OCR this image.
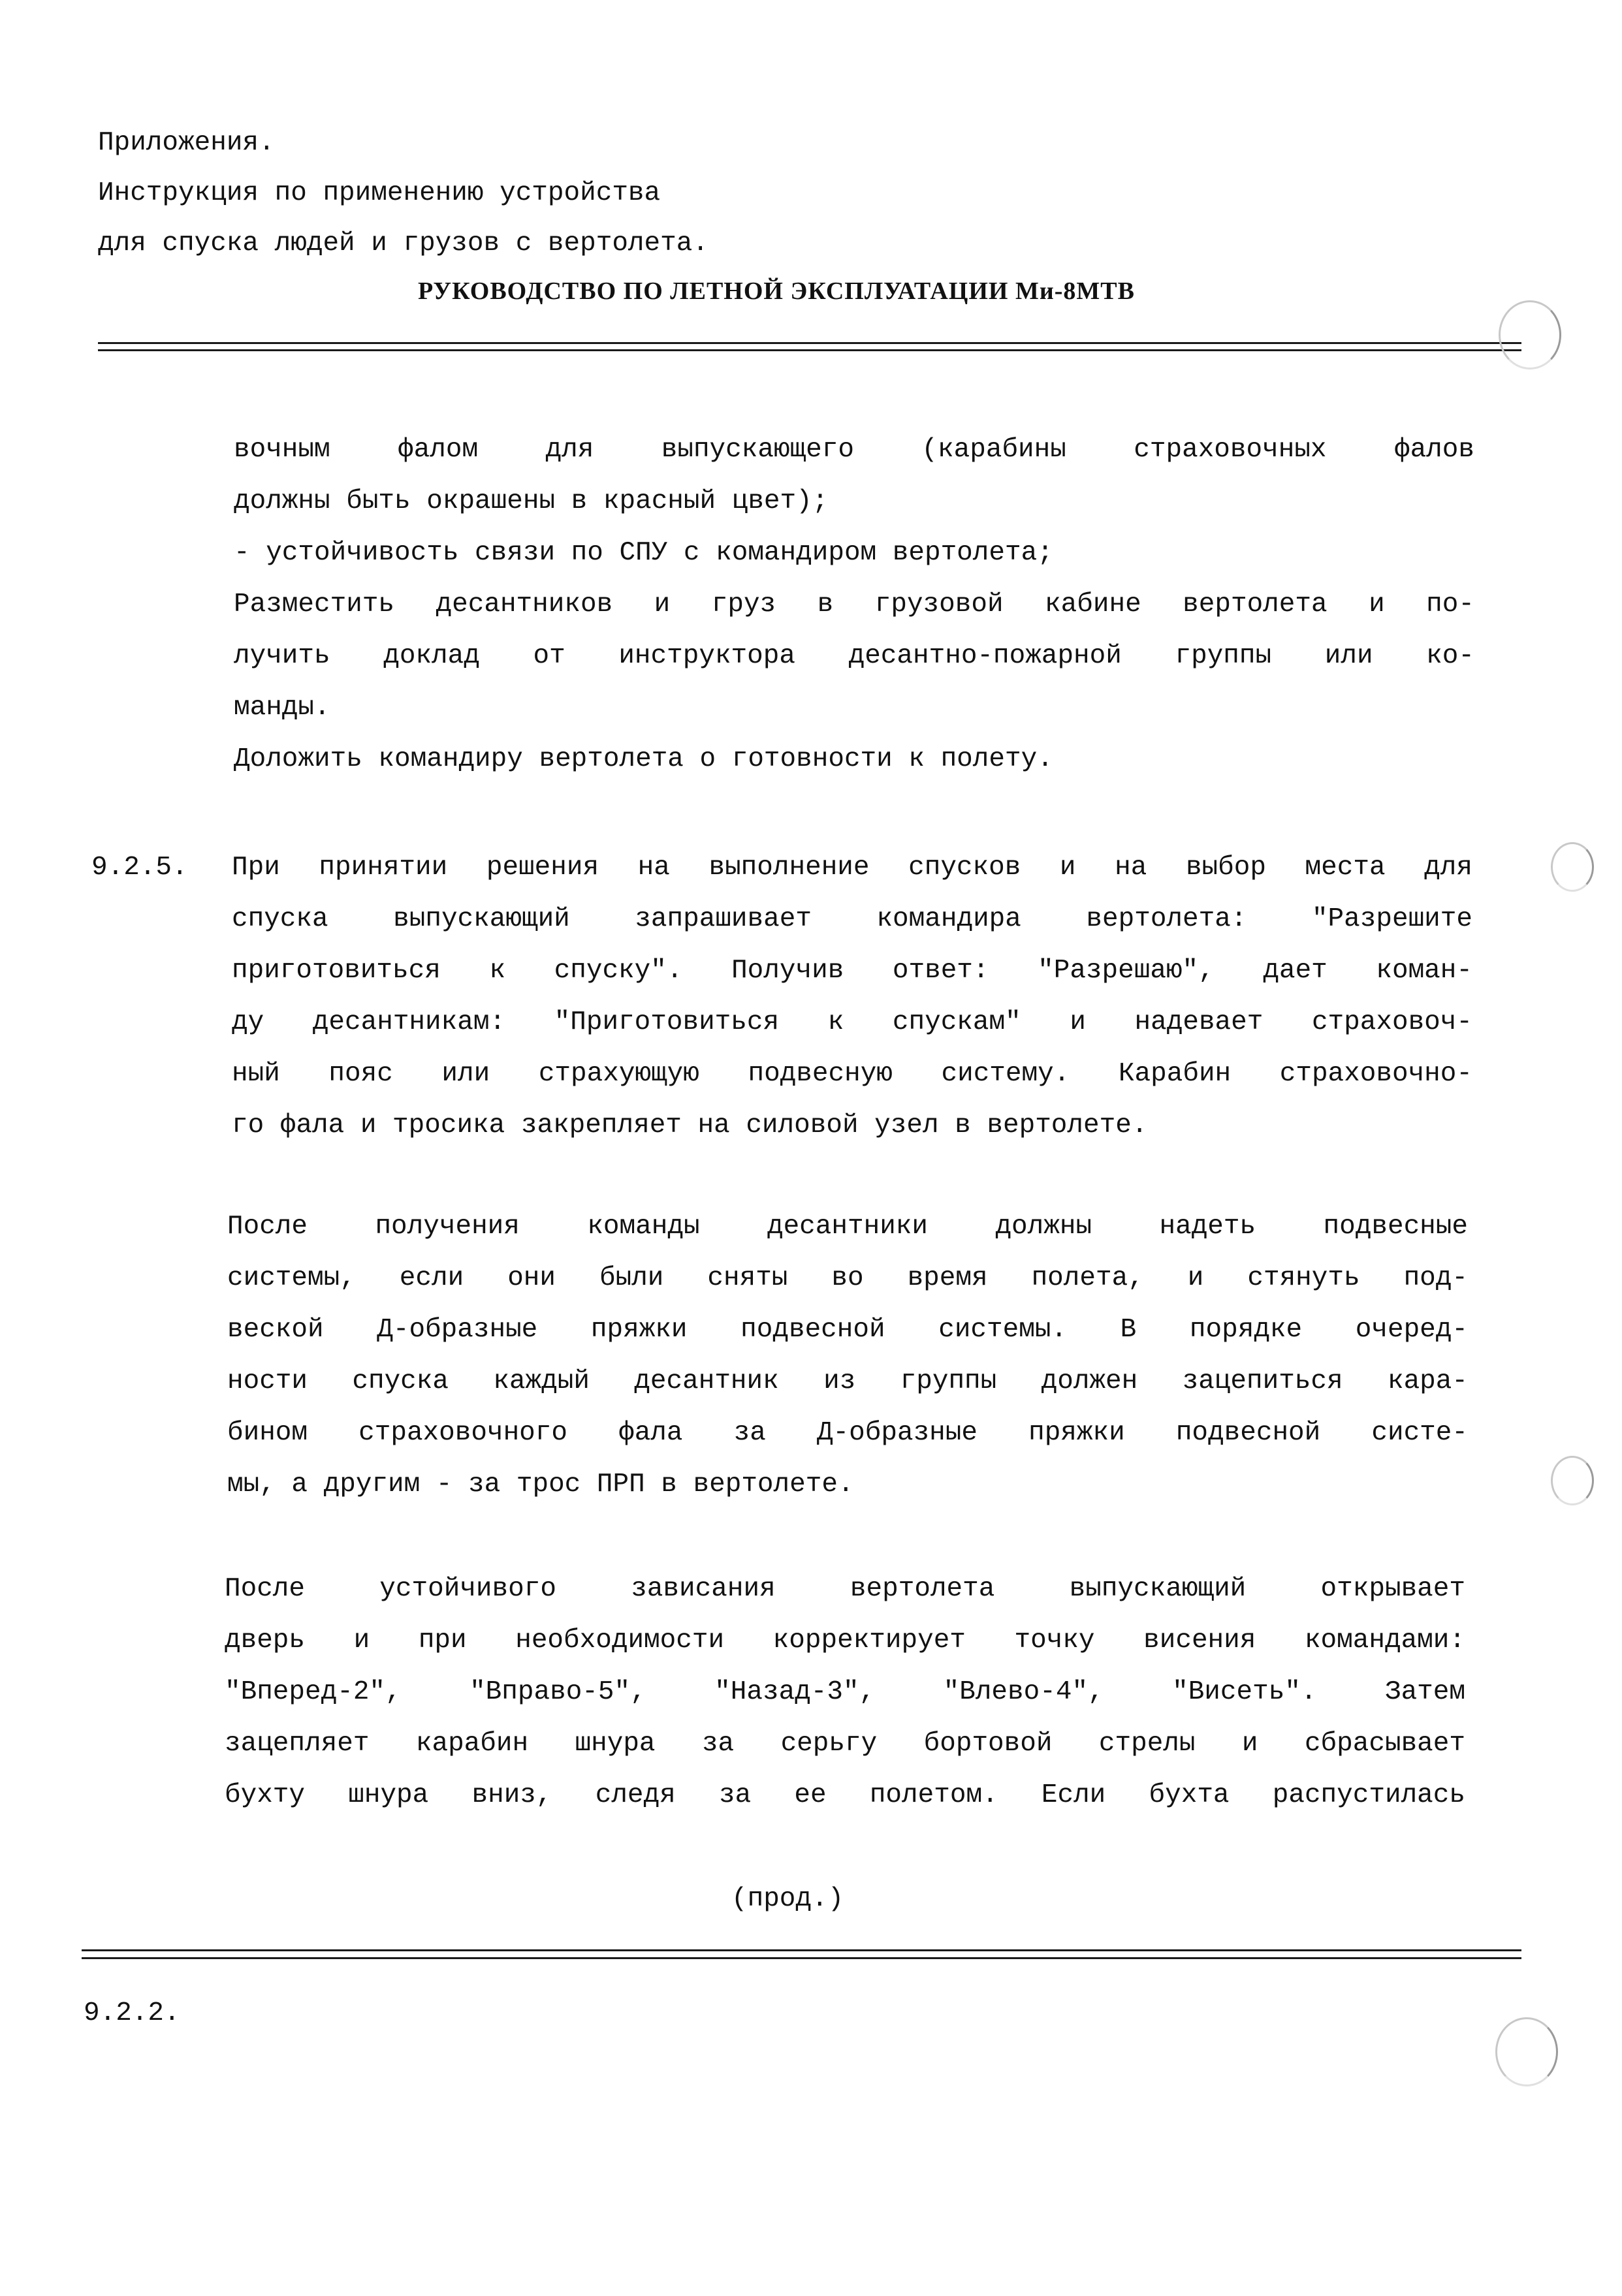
Приложения.
Инструкция по применению устройства
для спуска людей и грузов с вертолета.
РУКОВОДСТВО ПО ЛЕТНОЙ ЭКСПЛУАТАЦИИ Ми-8МТВ
вочным фалом для выпускающего (карабины страховочных фалов
должны быть окрашены в красный цвет);
- устойчивость связи по СПУ с командиром вертолета;
Разместить десантников и груз в грузовой кабине вертолета и по-
лучить доклад от инструктора десантно-пожарной группы или ко-
манды.
Доложить командиру вертолета о готовности к полету.
9.2.5. При принятии решения на выполнение спусков и на выбор места для
спуска выпускающий запрашивает командира вертолета: "Разрешите
приготовиться к спуску". Получив ответ: "Разрешаю", дает коман-
ду десантникам: "Приготовиться к спускам" и надевает страховоч-
ный пояс или страхующую подвесную систему. Карабин страховочно-
го фала и тросика закрепляет на силовой узел в вертолете.
После получения команды десантники должны надеть подвесные
системы, если они были сняты во время полета, и стянуть под-
веской Д-образные пряжки подвесной системы. В порядке очеред-
ности спуска каждый десантник из группы должен зацепиться кара-
бином страховочного фала за Д-образные пряжки подвесной систе-
мы, а другим - за трос ПРП в вертолете.
После устойчивого зависания вертолета выпускающий открывает
дверь и при необходимости корректирует точку висения командами:
"Вперед-2", "Вправо-5", "Назад-3", "Влево-4", "Висеть". Затем
зацепляет карабин шнура за серьгу бортовой стрелы и сбрасывает
бухту шнура вниз, следя за ее полетом. Если бухта распустилась
(прод.)
9.2.2.
